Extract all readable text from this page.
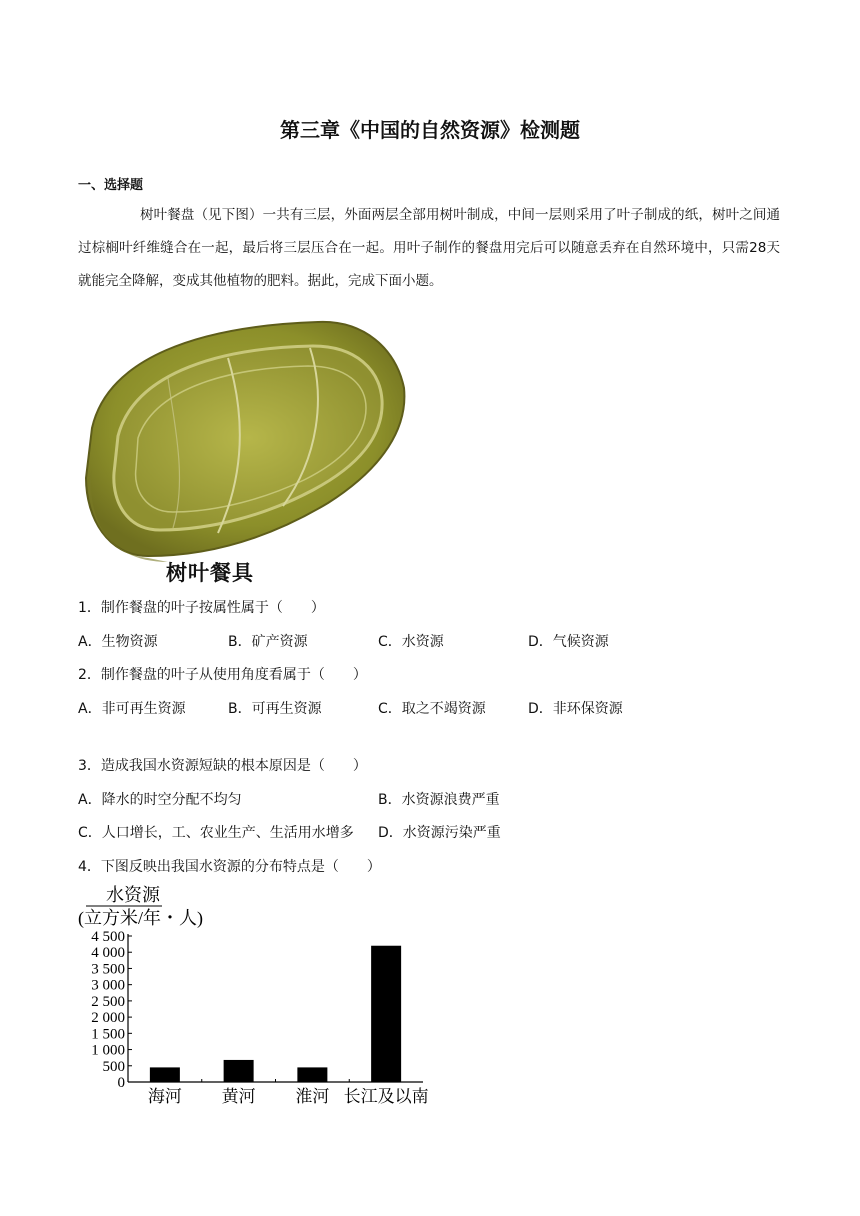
第三章《中国的自然资源》检测题
一、选择题
树叶餐盘（见下图）一共有三层，外面两层全部用树叶制成，中间一层则采用了叶子制成的纸，树叶之间通过棕榈叶纤维缝合在一起，最后将三层压合在一起。用叶子制作的餐盘用完后可以随意丢弃在自然环境中，只需28天就能完全降解，变成其他植物的肥料。据此，完成下面小题。
树叶餐具
1．制作餐盘的叶子按属性属于（　　）
A．生物资源	B．矿产资源	C．水资源	D．气候资源
2．制作餐盘的叶子从使用角度看属于（　　）
A．非可再生资源	B．可再生资源	C．取之不竭资源	D．非环保资源
3．造成我国水资源短缺的根本原因是（　　）
A．降水的时空分配不均匀	B．水资源浪费严重
C．人口增长，工、农业生产、生活用水增多 D．水资源污染严重
4．下图反映出我国水资源的分布特点是（　　）
水资源
(立方米/年・人)
0
500
1 000
1 500
2 000
2 500
3 000
3 500
4 000
4 500
海河 黄河 淮河 长江及以南
